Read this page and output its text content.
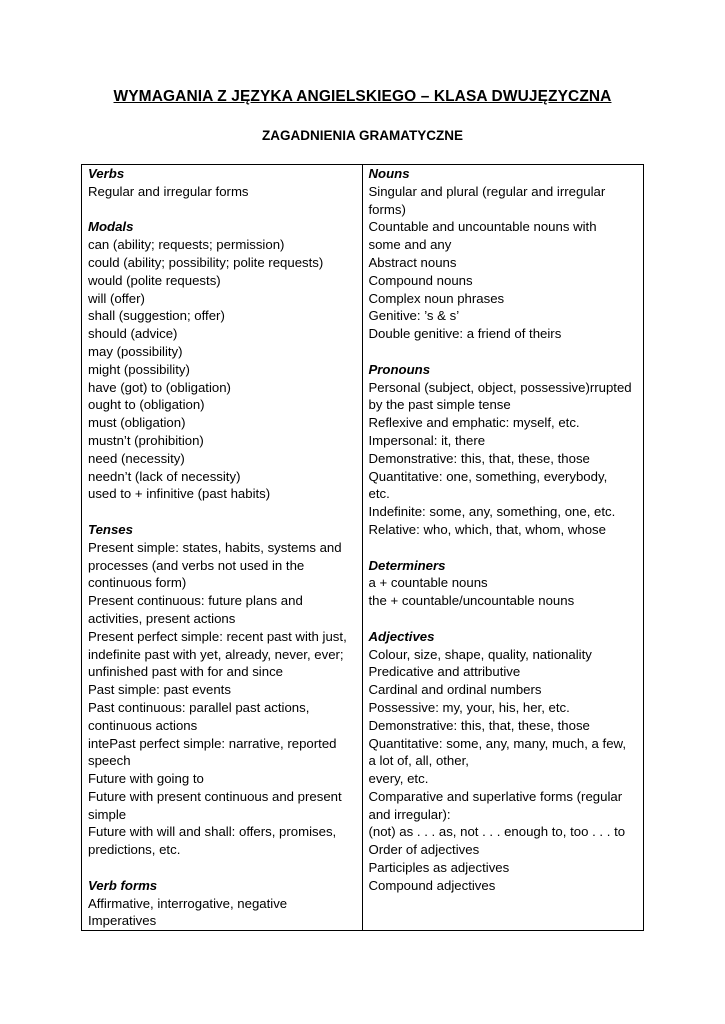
WYMAGANIA Z JĘZYKA ANGIELSKIEGO – KLASA DWUJĘZYCZNA
ZAGADNIENIA GRAMATYCZNE
Verbs
Regular and irregular forms
Modals
can (ability; requests; permission)
could (ability; possibility; polite requests)
would (polite requests)
will (offer)
shall (suggestion; offer)
should (advice)
may (possibility)
might (possibility)
have (got) to (obligation)
ought to (obligation)
must (obligation)
mustn’t (prohibition)
need (necessity)
needn’t (lack of necessity)
used to + infinitive (past habits)
Tenses
Present simple: states, habits, systems and
processes (and verbs not used in the
continuous form)
Present continuous: future plans and
activities, present actions
Present perfect simple: recent past with just,
indefinite past with yet, already, never, ever;
unfinished past with for and since
Past simple: past events
Past continuous: parallel past actions,
continuous actions
intePast perfect simple: narrative, reported
speech
Future with going to
Future with present continuous and present
simple
Future with will and shall: offers, promises,
predictions, etc.
Verb forms
Affirmative, interrogative, negative
Imperatives
Nouns
Singular and plural (regular and irregular
forms)
Countable and uncountable nouns with
some and any
Abstract nouns
Compound nouns
Complex noun phrases
Genitive: ’s & s’
Double genitive: a friend of theirs
Pronouns
Personal (subject, object, possessive)rrupted
by the past simple tense
Reflexive and emphatic: myself, etc.
Impersonal: it, there
Demonstrative: this, that, these, those
Quantitative: one, something, everybody,
etc.
Indefinite: some, any, something, one, etc.
Relative: who, which, that, whom, whose
Determiners
a + countable nouns
the + countable/uncountable nouns
Adjectives
Colour, size, shape, quality, nationality
Predicative and attributive
Cardinal and ordinal numbers
Possessive: my, your, his, her, etc.
Demonstrative: this, that, these, those
Quantitative: some, any, many, much, a few,
a lot of, all, other,
every, etc.
Comparative and superlative forms (regular
and irregular):
(not) as . . . as, not . . . enough to, too . . . to
Order of adjectives
Participles as adjectives
Compound adjectives
